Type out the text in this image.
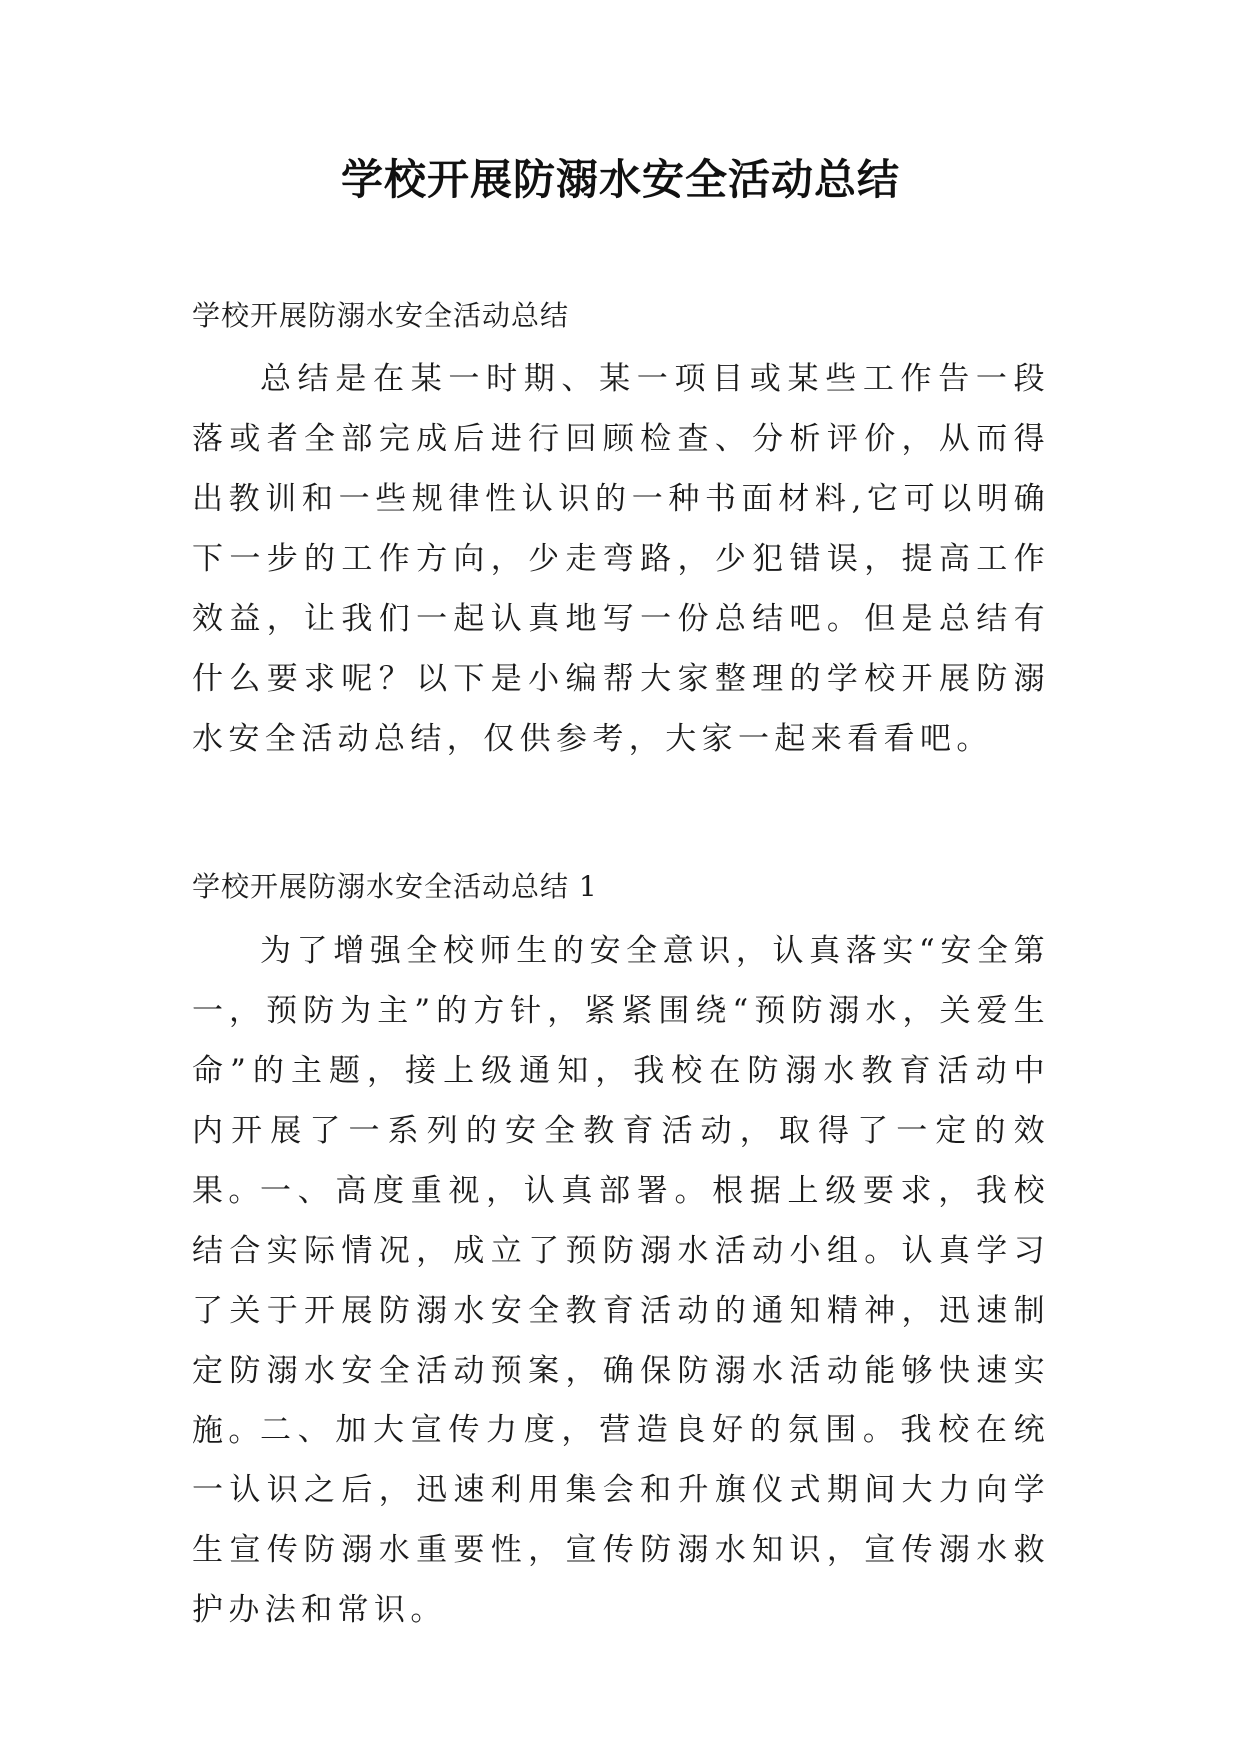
学校开展防溺水安全活动总结

学校开展防溺水安全活动总结

总结是在某一时期、某一项目或某些工作告一段落或者全部完成后进行回顾检查、分析评价，从而得出教训和一些规律性认识的一种书面材料,它可以明确下一步的工作方向，少走弯路，少犯错误，提高工作效益，让我们一起认真地写一份总结吧。但是总结有什么要求呢？以下是小编帮大家整理的学校开展防溺水安全活动总结，仅供参考，大家一起来看看吧。

学校开展防溺水安全活动总结 1

为了增强全校师生的安全意识，认真落实“安全第一，预防为主”的方针，紧紧围绕“预防溺水，关爱生命”的主题，接上级通知，我校在防溺水教育活动中内开展了一系列的安全教育活动，取得了一定的效果。

一、高度重视，认真部署。根据上级要求，我校结合实际情况，成立了预防溺水活动小组。认真学习了关于开展防溺水安全教育活动的通知精神，迅速制定防溺水安全活动预案，确保防溺水活动能够快速实施。

二、加大宣传力度，营造良好的氛围。我校在统一认识之后，迅速利用集会和升旗仪式期间大力向学生宣传防溺水重要性，宣传防溺水知识，宣传溺水救护办法和常识。
